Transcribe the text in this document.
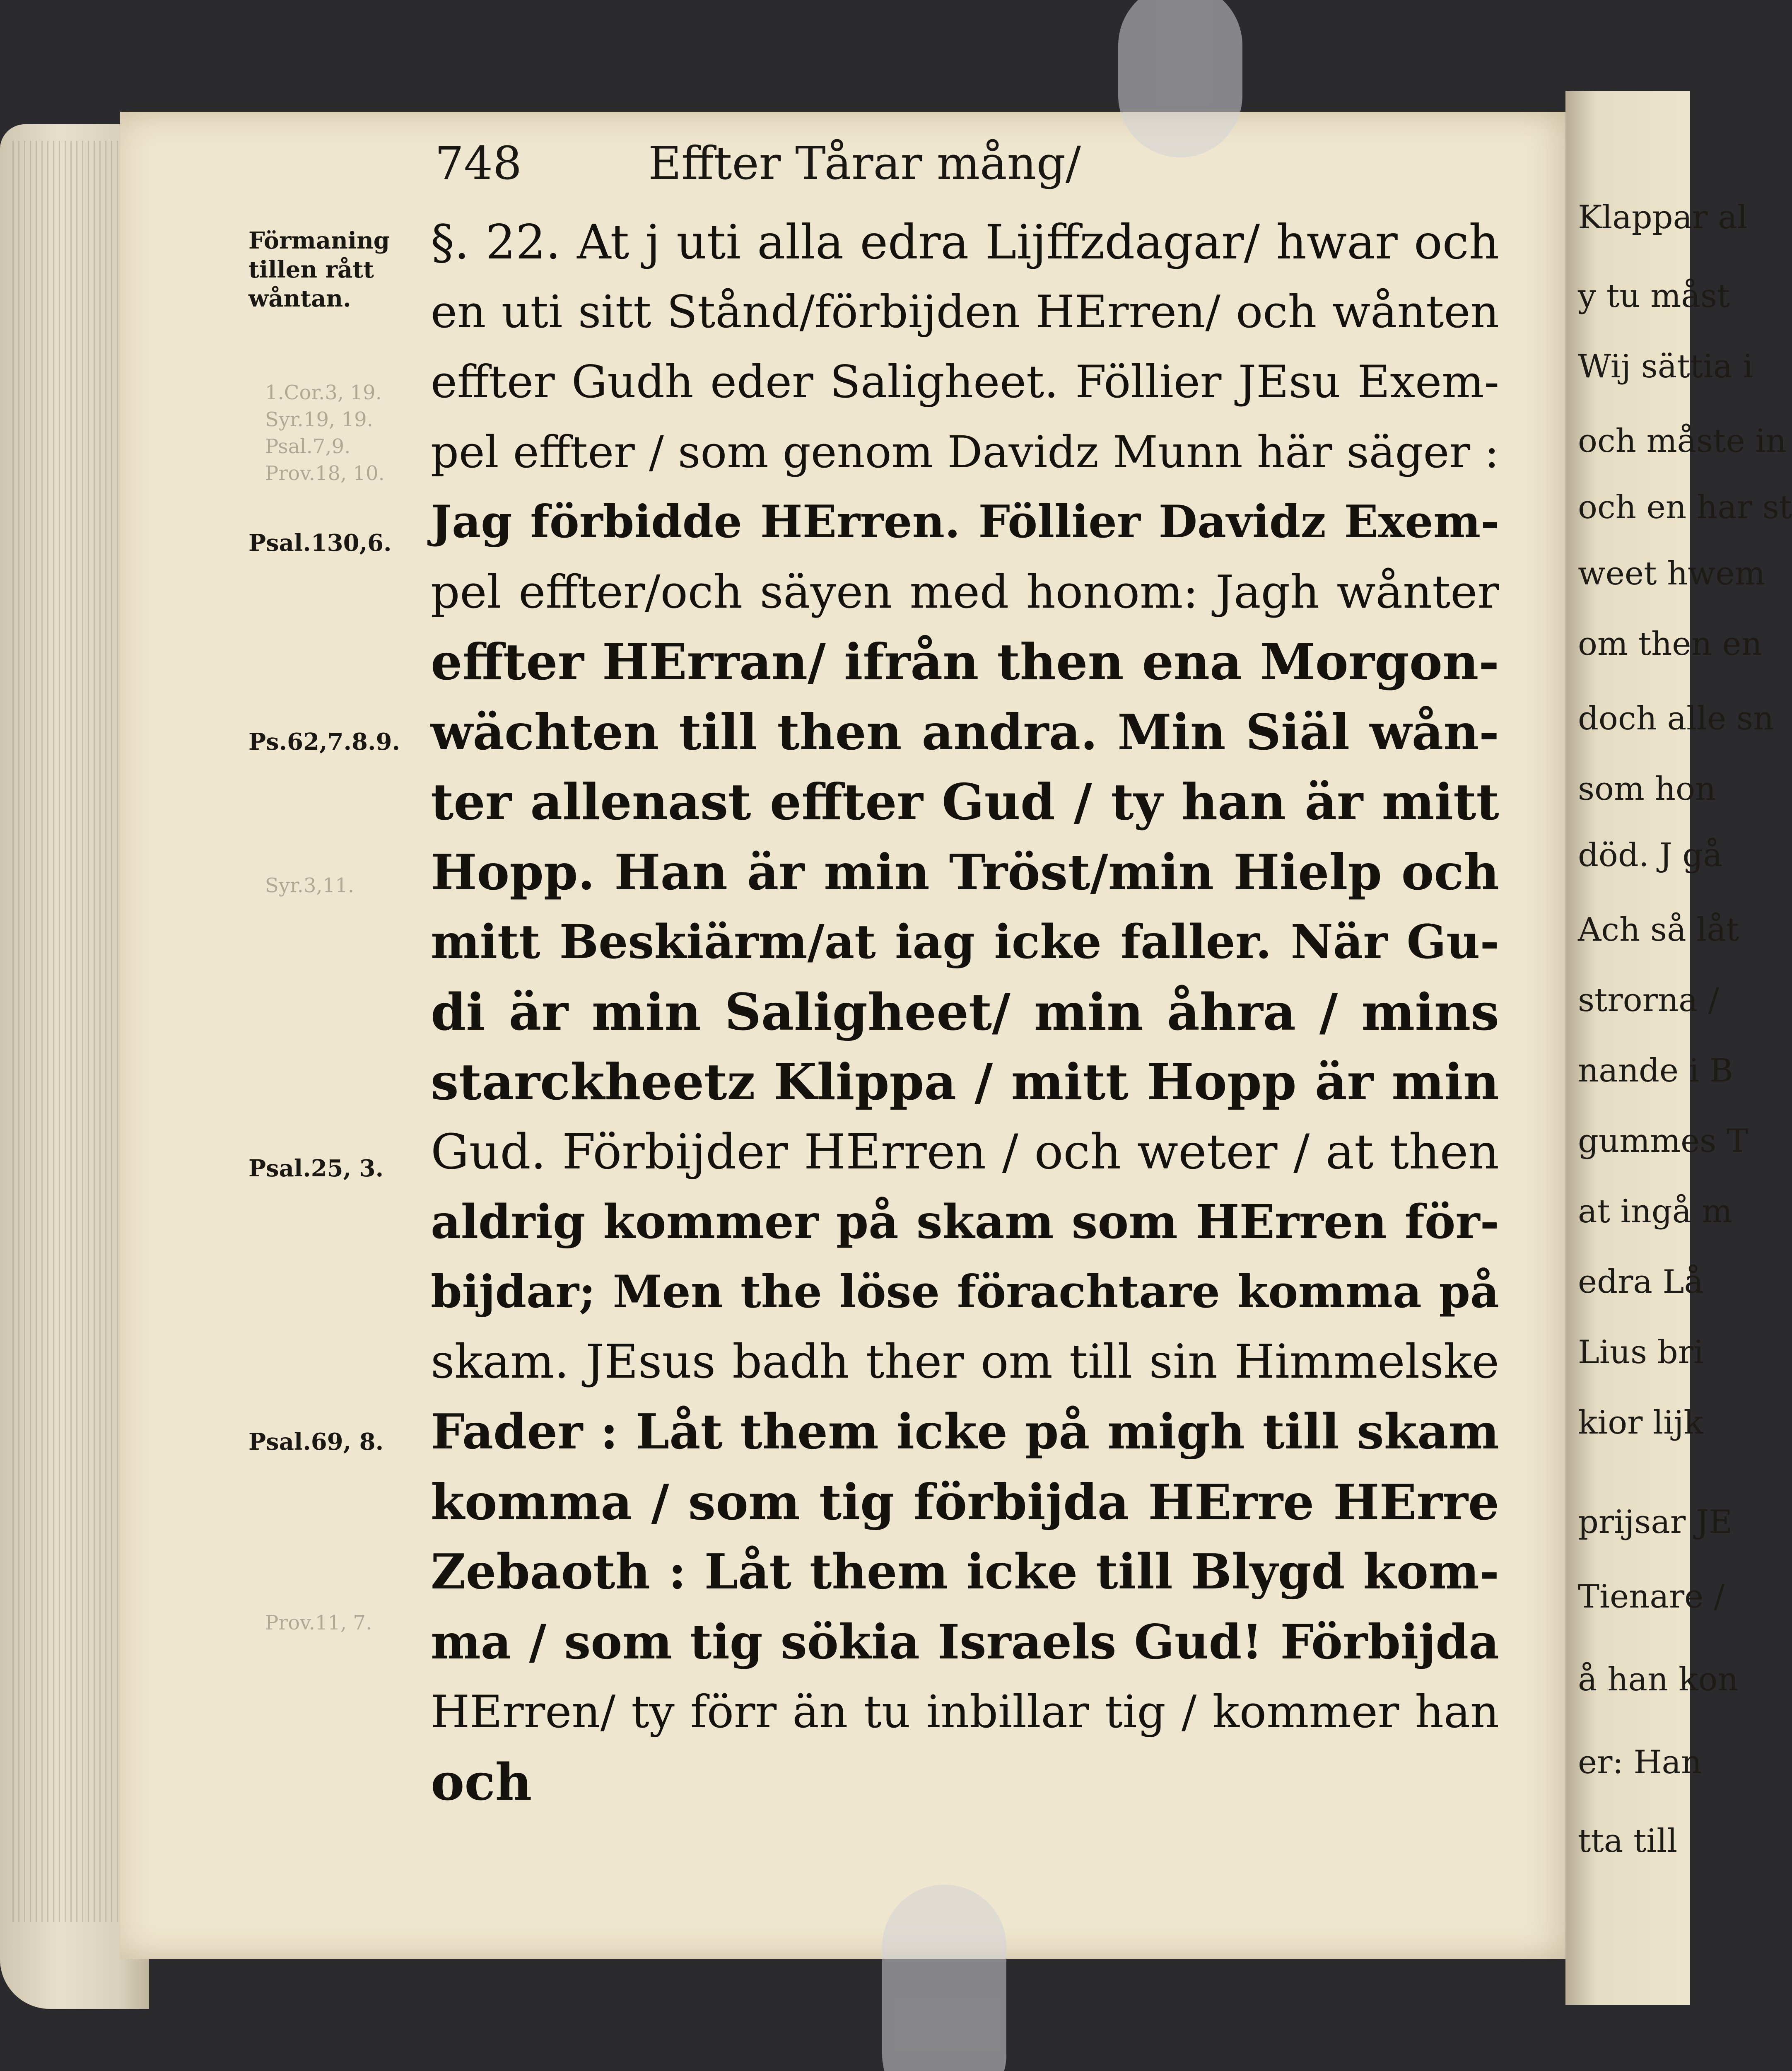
Klappar al
y tu måst
Wij sättia i
och måste in
och en har st
weet hwem
om then en
doch alle sn
som hon
död. J gå
Ach så låt
strorna /
nande i B
gummes T
at ingå m
edra Lå
Lius bri
kior lijk
prijsar JE
Tienare /
å han kon
er: Han
tta till
748	Effter Tårar mång/
Förmaning
tillen rått
wåntan.
Psal.130,6.
Ps.62,7.8.9.
Psal.25, 3.
Psal.69, 8.
1.Cor.3, 19.
Syr.19, 19.
Psal.7,9.
Prov.18, 10.
Syr.3,11.
Prov.11, 7.
§. 22. At j uti alla edra Lijffzdagar/ hwar och
en uti sitt Stånd/förbijden HErren/ och wånten
effter Gudh eder Saligheet. Föllier JEsu Exem-
pel effter / som genom Davidz Munn här säger :
Jag förbidde HErren. Föllier Davidz Exem-
pel effter/och säyen med honom: Jagh wånter
effter HErran/ ifrån then ena Morgon-
wächten till then andra. Min Siäl wån-
ter allenast effter Gud / ty han är mitt
Hopp. Han är min Tröst/min Hielp och
mitt Beskiärm/at iag icke faller. När Gu-
di är min Saligheet/ min åhra / mins
starckheetz Klippa / mitt Hopp är min
Gud. Förbijder HErren / och weter / at then
aldrig kommer på skam som HErren för-
bijdar; Men the löse förachtare komma på
skam. JEsus badh ther om till sin Himmelske
Fader : Låt them icke på migh till skam
komma / som tig förbijda HErre HErre
Zebaoth : Låt them icke till Blygd kom-
ma / som tig sökia Israels Gud! Förbijda
HErren/ ty förr än tu inbillar tig / kommer han
och
